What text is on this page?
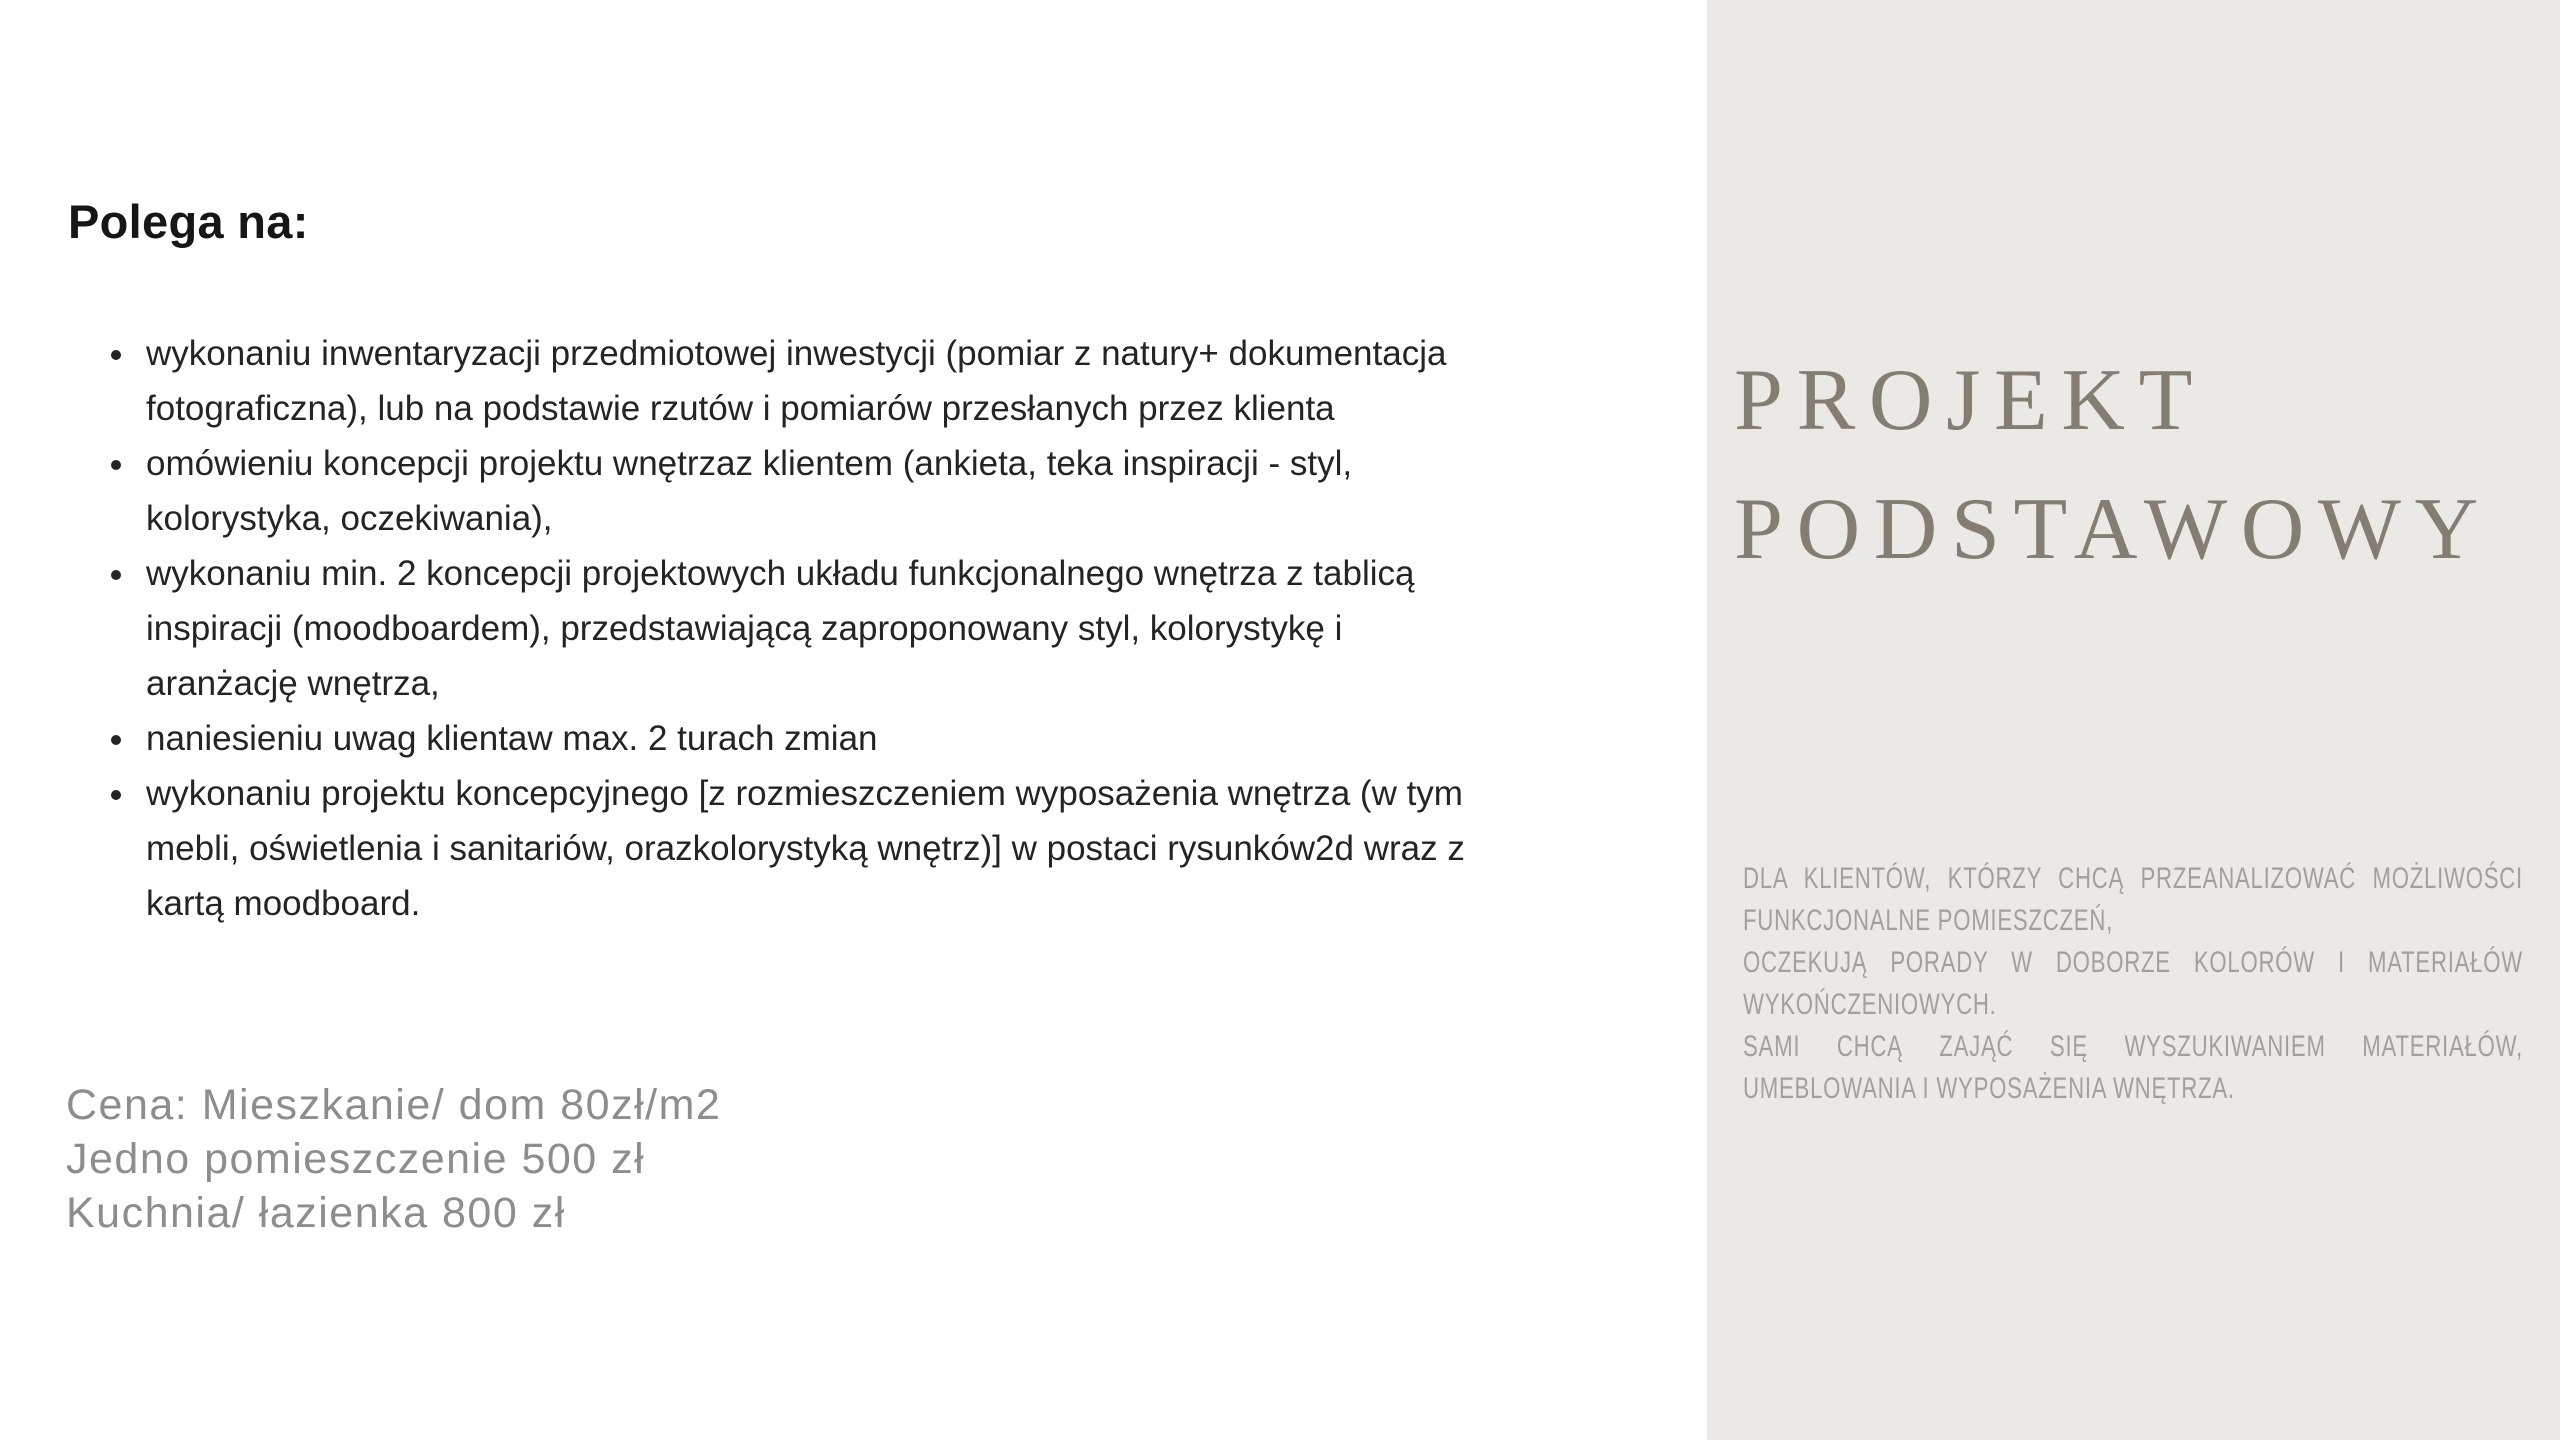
Polega na:
• wykonaniu inwentaryzacji przedmiotowej inwestycji (pomiar z natury+ dokumentacja fotograficzna), lub na podstawie rzutów i pomiarów przesłanych przez klienta
• omówieniu koncepcji projektu wnętrzaz klientem (ankieta, teka inspiracji - styl, kolorystyka, oczekiwania),
• wykonaniu min. 2 koncepcji projektowych układu funkcjonalnego wnętrza z tablicą inspiracji (moodboardem), przedstawiającą zaproponowany styl, kolorystykę i aranżację wnętrza,
• naniesieniu uwag klientaw max. 2 turach zmian
• wykonaniu projektu koncepcyjnego [z rozmieszczeniem wyposażenia wnętrza (w tym mebli, oświetlenia i sanitariów, orazkolorystyką wnętrz)] w postaci rysunków2d wraz z kartą moodboard.
Cena: Mieszkanie/ dom 80zł/m2
Jedno pomieszczenie 500 zł
Kuchnia/ łazienka 800 zł
PROJEKT
PODSTAWOWY
DLA KLIENTÓW, KTÓRZY CHCĄ PRZEANALIZOWAĆ MOŻLIWOŚCI
FUNKCJONALNE POMIESZCZEŃ,
OCZEKUJĄ PORADY W DOBORZE KOLORÓW I MATERIAŁÓW
WYKOŃCZENIOWYCH.
SAMI CHCĄ ZAJĄĆ SIĘ WYSZUKIWANIEM MATERIAŁÓW,
UMEBLOWANIA I WYPOSAŻENIA WNĘTRZA.
